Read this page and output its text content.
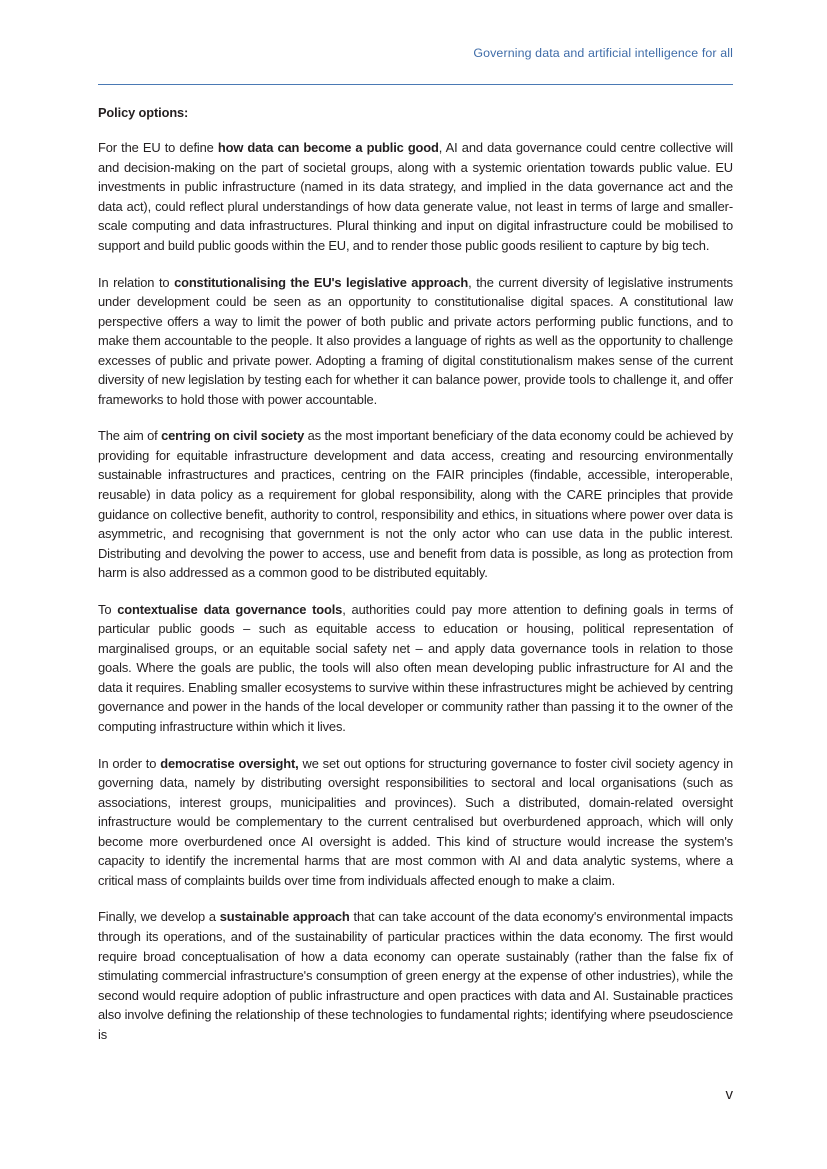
Governing data and artificial intelligence for all
Policy options:

For the EU to define how data can become a public good, AI and data governance could centre collective will and decision-making on the part of societal groups, along with a systemic orientation towards public value. EU investments in public infrastructure (named in its data strategy, and implied in the data governance act and the data act), could reflect plural understandings of how data generate value, not least in terms of large and smaller-scale computing and data infrastructures. Plural thinking and input on digital infrastructure could be mobilised to support and build public goods within the EU, and to render those public goods resilient to capture by big tech.

In relation to constitutionalising the EU's legislative approach, the current diversity of legislative instruments under development could be seen as an opportunity to constitutionalise digital spaces. A constitutional law perspective offers a way to limit the power of both public and private actors performing public functions, and to make them accountable to the people. It also provides a language of rights as well as the opportunity to challenge excesses of public and private power. Adopting a framing of digital constitutionalism makes sense of the current diversity of new legislation by testing each for whether it can balance power, provide tools to challenge it, and offer frameworks to hold those with power accountable.

The aim of centring on civil society as the most important beneficiary of the data economy could be achieved by providing for equitable infrastructure development and data access, creating and resourcing environmentally sustainable infrastructures and practices, centring on the FAIR principles (findable, accessible, interoperable, reusable) in data policy as a requirement for global responsibility, along with the CARE principles that provide guidance on collective benefit, authority to control, responsibility and ethics, in situations where power over data is asymmetric, and recognising that government is not the only actor who can use data in the public interest. Distributing and devolving the power to access, use and benefit from data is possible, as long as protection from harm is also addressed as a common good to be distributed equitably.

To contextualise data governance tools, authorities could pay more attention to defining goals in terms of particular public goods – such as equitable access to education or housing, political representation of marginalised groups, or an equitable social safety net – and apply data governance tools in relation to those goals. Where the goals are public, the tools will also often mean developing public infrastructure for AI and the data it requires. Enabling smaller ecosystems to survive within these infrastructures might be achieved by centring governance and power in the hands of the local developer or community rather than passing it to the owner of the computing infrastructure within which it lives.

In order to democratise oversight, we set out options for structuring governance to foster civil society agency in governing data, namely by distributing oversight responsibilities to sectoral and local organisations (such as associations, interest groups, municipalities and provinces). Such a distributed, domain-related oversight infrastructure would be complementary to the current centralised but overburdened approach, which will only become more overburdened once AI oversight is added. This kind of structure would increase the system's capacity to identify the incremental harms that are most common with AI and data analytic systems, where a critical mass of complaints builds over time from individuals affected enough to make a claim.

Finally, we develop a sustainable approach that can take account of the data economy's environmental impacts through its operations, and of the sustainability of particular practices within the data economy. The first would require broad conceptualisation of how a data economy can operate sustainably (rather than the false fix of stimulating commercial infrastructure's consumption of green energy at the expense of other industries), while the second would require adoption of public infrastructure and open practices with data and AI. Sustainable practices also involve defining the relationship of these technologies to fundamental rights; identifying where pseudoscience is

v
